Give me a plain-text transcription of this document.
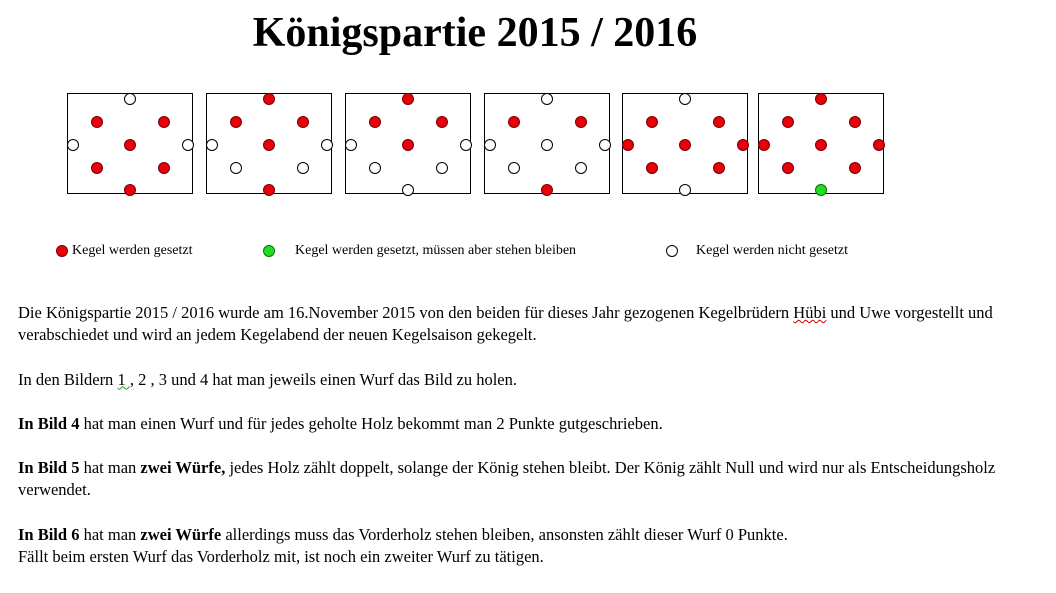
Königspartie 2015 / 2016
Kegel werden gesetzt	Kegel werden gesetzt, müssen aber stehen bleiben	Kegel werden nicht gesetzt

Die Königspartie 2015 / 2016 wurde am 16.November 2015 von den beiden für dieses Jahr gezogenen Kegelbrüdern Hübi und Uwe vorgestellt und verabschiedet und wird an jedem Kegelabend der neuen Kegelsaison gekegelt.

In den Bildern 1 , 2 , 3 und 4 hat man jeweils einen Wurf das Bild zu holen.

In Bild 4 hat man einen Wurf und für jedes geholte Holz bekommt man 2 Punkte gutgeschrieben.

In Bild 5 hat man zwei Würfe, jedes Holz zählt doppelt, solange der König stehen bleibt. Der König zählt Null und wird nur als Entscheidungsholz verwendet.

In Bild 6 hat man zwei Würfe allerdings muss das Vorderholz stehen bleiben, ansonsten zählt dieser Wurf 0 Punkte.
Fällt beim ersten Wurf das Vorderholz mit, ist noch ein zweiter Wurf zu tätigen.
